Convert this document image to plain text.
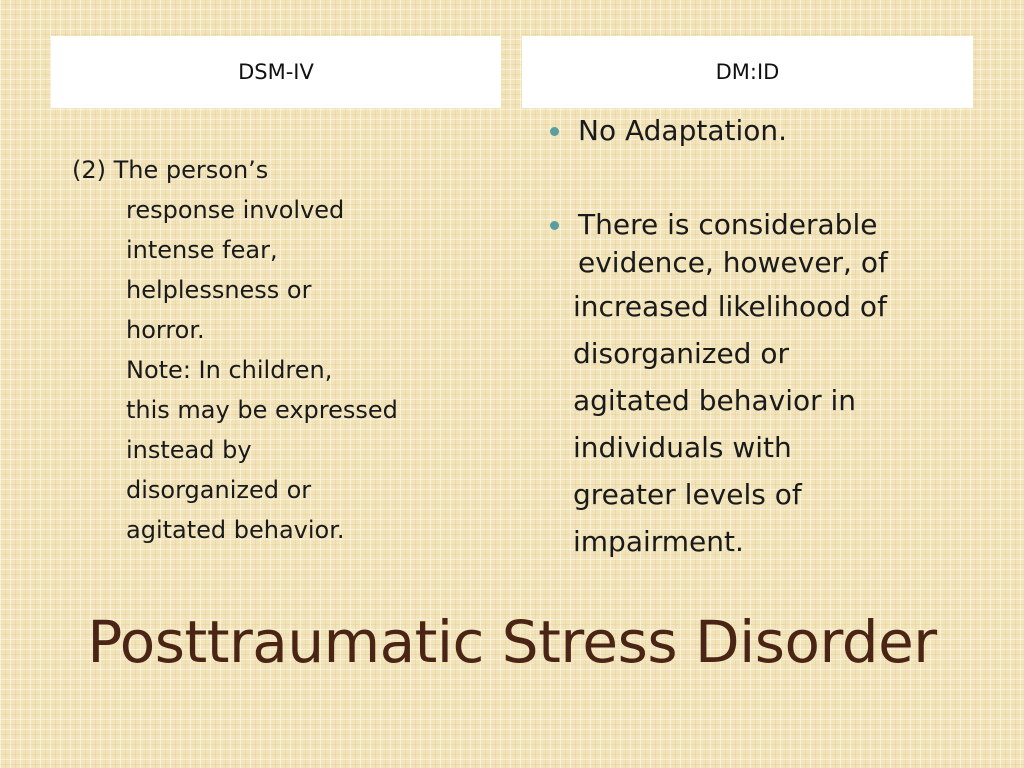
DSM-IV	DM:ID
(2) The person’s
response involved
intense fear,
helplessness or
horror.
Note: In children,
this may be expressed
instead by
disorganized or
agitated behavior.
No Adaptation.
There is considerable
evidence, however, of
increased likelihood of
disorganized or
agitated behavior in
individuals with
greater levels of
impairment.
Posttraumatic Stress Disorder
